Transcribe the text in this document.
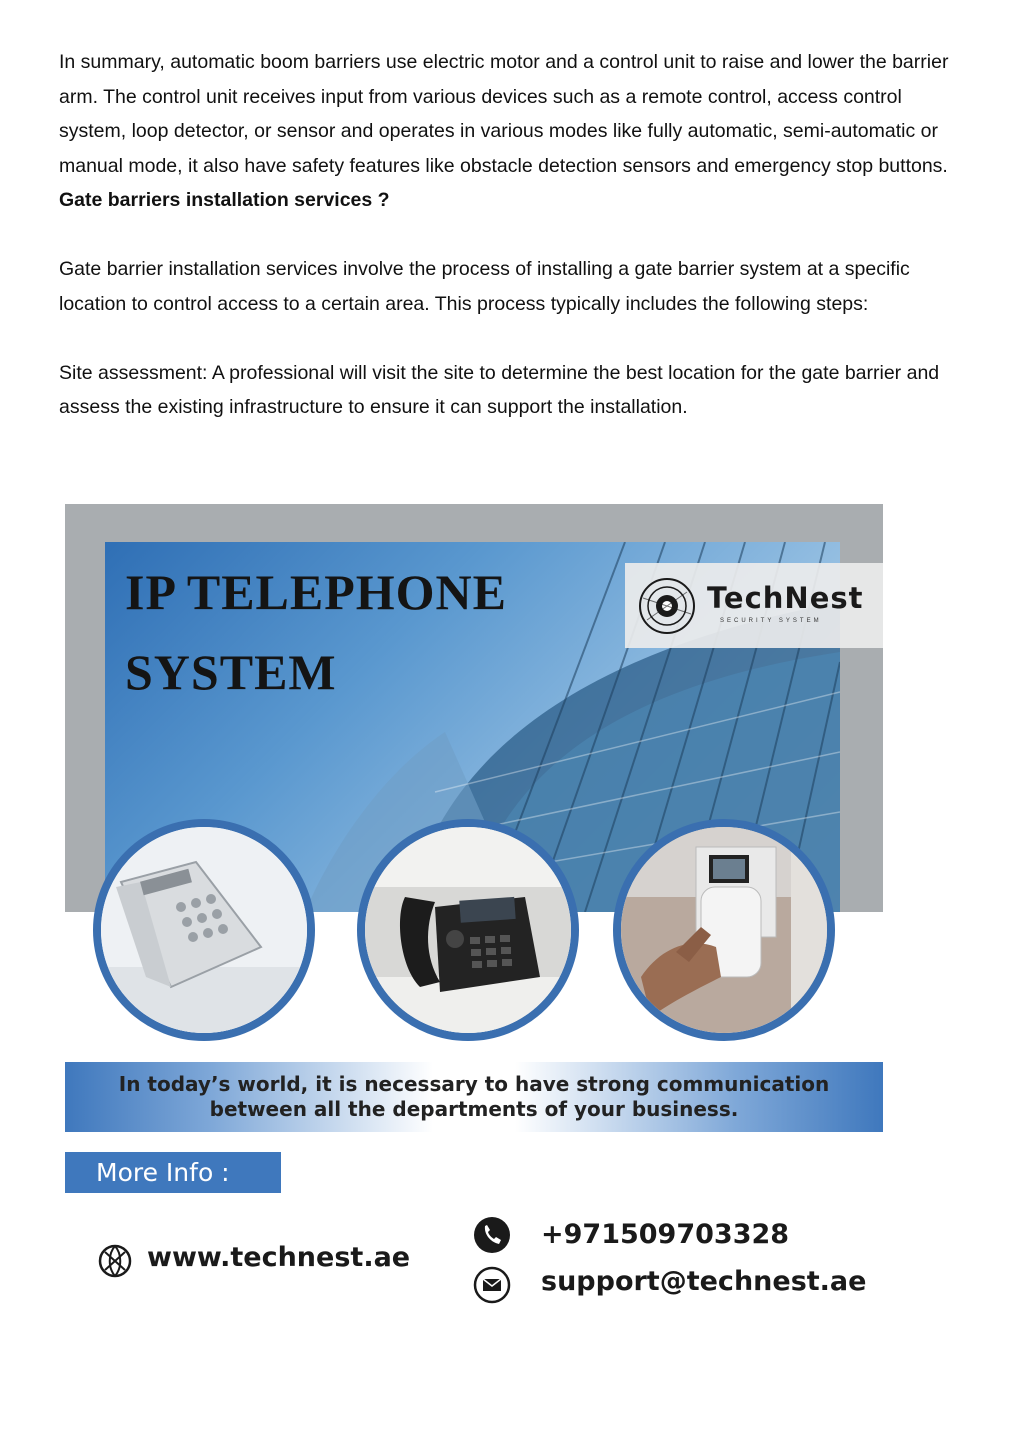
In summary, automatic boom barriers use electric motor and a control unit to raise and lower the barrier arm. The control unit receives input from various devices such as a remote control, access control system, loop detector, or sensor and operates in various modes like fully automatic, semi-automatic or manual mode, it also have safety features like obstacle detection sensors and emergency stop buttons.

Gate barriers installation services ?

Gate barrier installation services involve the process of installing a gate barrier system at a specific location to control access to a certain area. This process typically includes the following steps:

Site assessment: A professional will visit the site to determine the best location for the gate barrier and assess the existing infrastructure to ensure it can support the installation.

IP TELEPHONE
SYSTEM
TechNest
SECURITY SYSTEM
In today’s world, it is necessary to have strong communication
between all the departments of your business.
More Info :
www.technest.ae
+971509703328
support@technest.ae
